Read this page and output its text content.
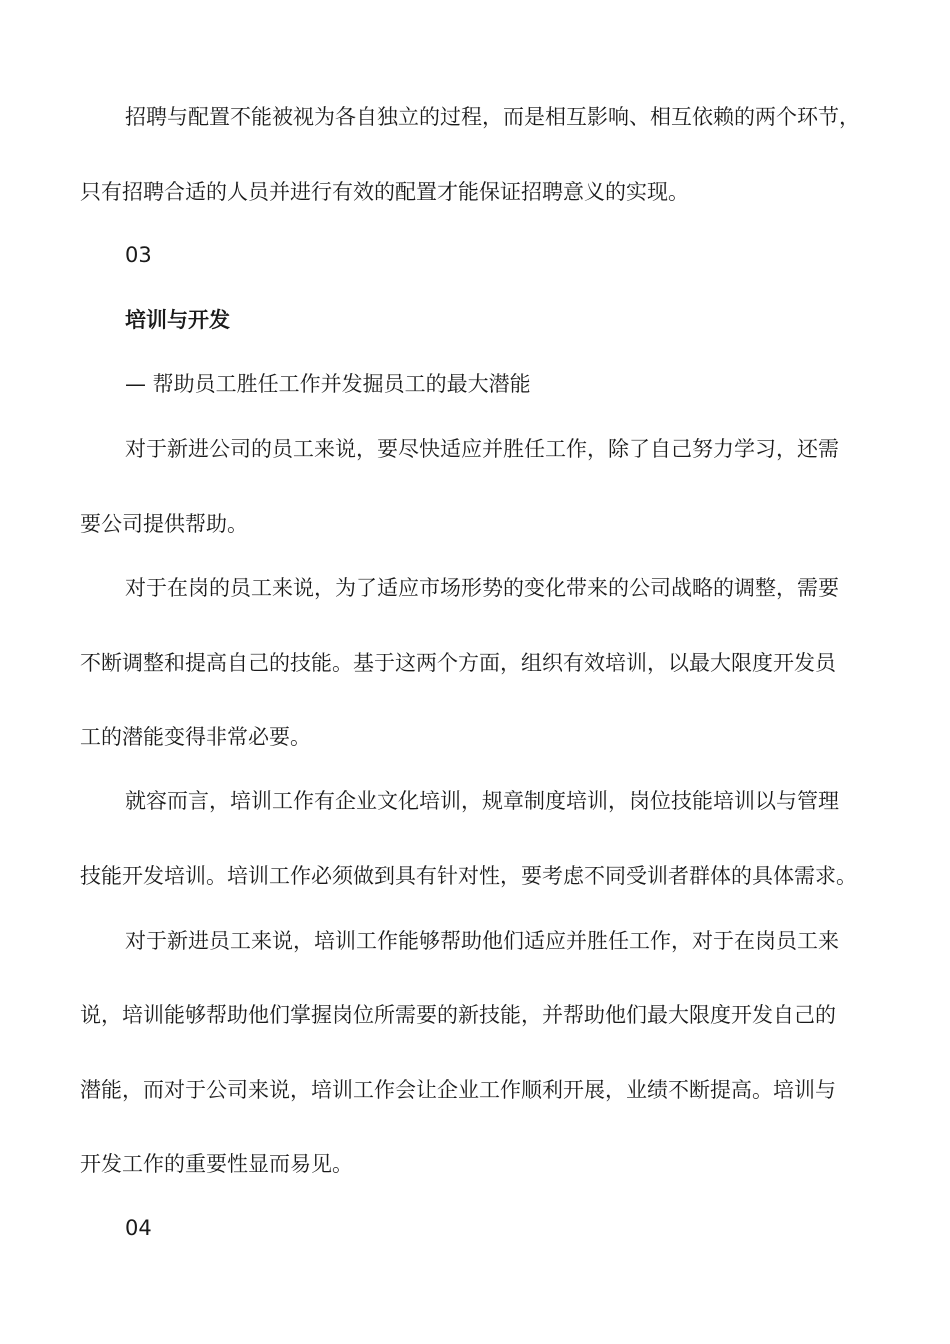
招聘与配置不能被视为各自独立的过程，而是相互影响、相互依赖的两个环节，
只有招聘合适的人员并进行有效的配置才能保证招聘意义的实现。
03
培训与开发
— 帮助员工胜任工作并发掘员工的最大潜能
对于新进公司的员工来说，要尽快适应并胜任工作，除了自己努力学习，还需
要公司提供帮助。
对于在岗的员工来说，为了适应市场形势的变化带来的公司战略的调整，需要
不断调整和提高自己的技能。基于这两个方面，组织有效培训，以最大限度开发员
工的潜能变得非常必要。
就容而言，培训工作有企业文化培训，规章制度培训，岗位技能培训以与管理
技能开发培训。培训工作必须做到具有针对性，要考虑不同受训者群体的具体需求。
对于新进员工来说，培训工作能够帮助他们适应并胜任工作，对于在岗员工来
说，培训能够帮助他们掌握岗位所需要的新技能，并帮助他们最大限度开发自己的
潜能，而对于公司来说，培训工作会让企业工作顺利开展，业绩不断提高。培训与
开发工作的重要性显而易见。
04
